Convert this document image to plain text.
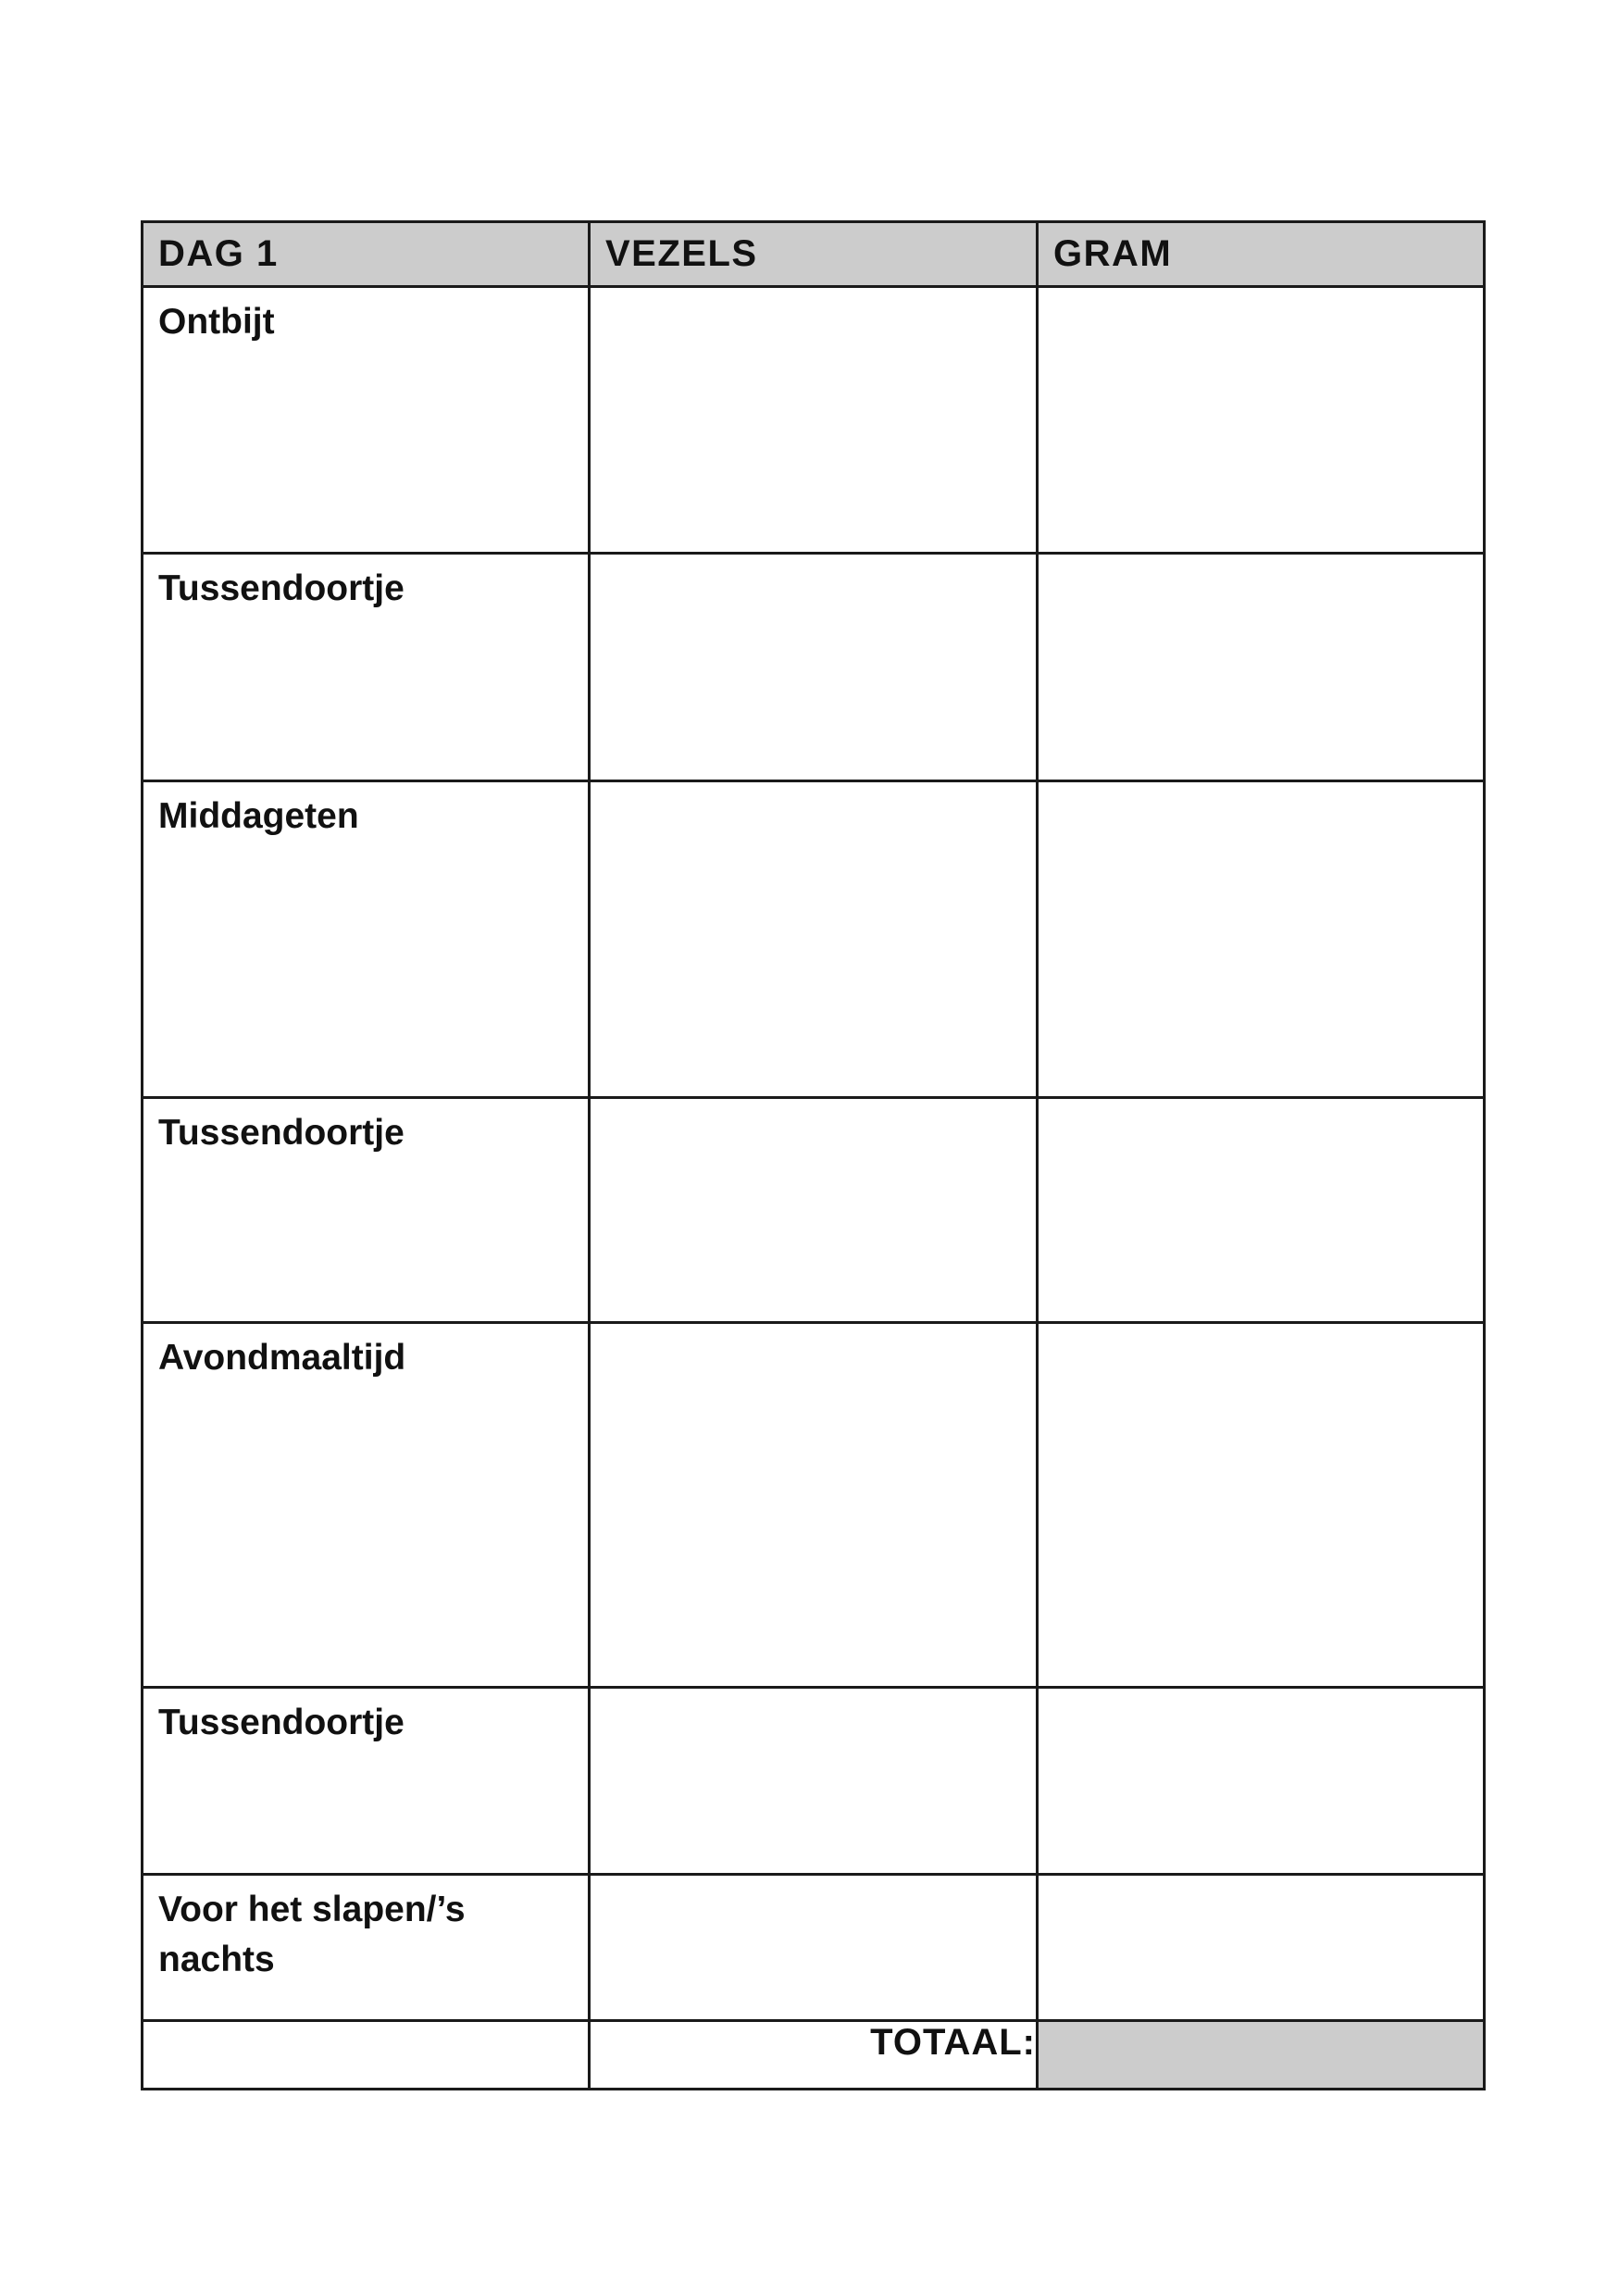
DAG 1	VEZELS	GRAM

Ontbijt		

Tussendoortje		

Middageten		

Tussendoortje		

Avondmaaltijd		

Tussendoortje		

Voor het slapen/’s nachts		

	TOTAAL:	
